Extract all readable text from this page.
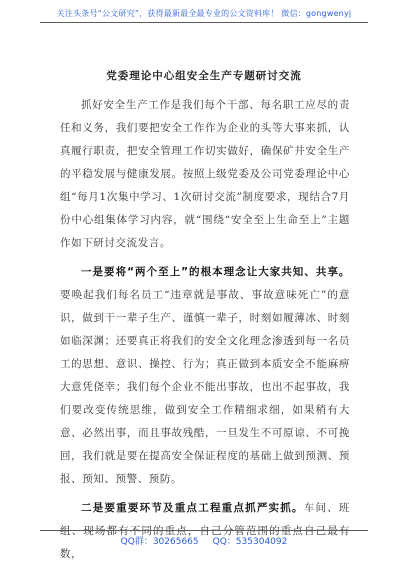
关注头条号“公文研究”，获得最新最全最专业的公文资料库！ 微信：gongwenyj
党委理论中心组安全生产专题研讨交流

抓好安全生产工作是我们每个干部、每名职工应尽的责任和义务，我们要把安全工作作为企业的头等大事来抓，认真履行职责，把安全管理工作切实做好，确保矿井安全生产的平稳发展与健康发展。按照上级党委及公司党委理论中心组“每月1次集中学习、1次研讨交流”制度要求，现结合7月份中心组集体学习内容，就“围绕“安全至上生命至上”主题作如下研讨交流发言。

一是要将“两个至上”的根本理念让大家共知、共享。要唤起我们每名员工“违章就是事故、事故意味死亡”的意识，做到干一辈子生产、谨慎一辈子，时刻如履薄冰、时刻如临深渊；还要真正将我们的安全文化理念渗透到每一名员工的思想、意识、操控、行为；真正做到本质安全不能麻痹大意凭侥幸；我们每个企业不能出事故，也出不起事故，我们要改变传统思维，做到安全工作精细求细，如果稍有大意、必然出事，而且事故残酷，一旦发生不可原谅、不可挽回，我们就是要在提高安全保证程度的基础上做到预测、预报、预知、预警、预防。

二是要重要环节及重点工程重点抓严实抓。车间、班组、现场都有不同的重点，自己分管范围的重点自己最有数，

QQ群：30265665 QQ：535304092
